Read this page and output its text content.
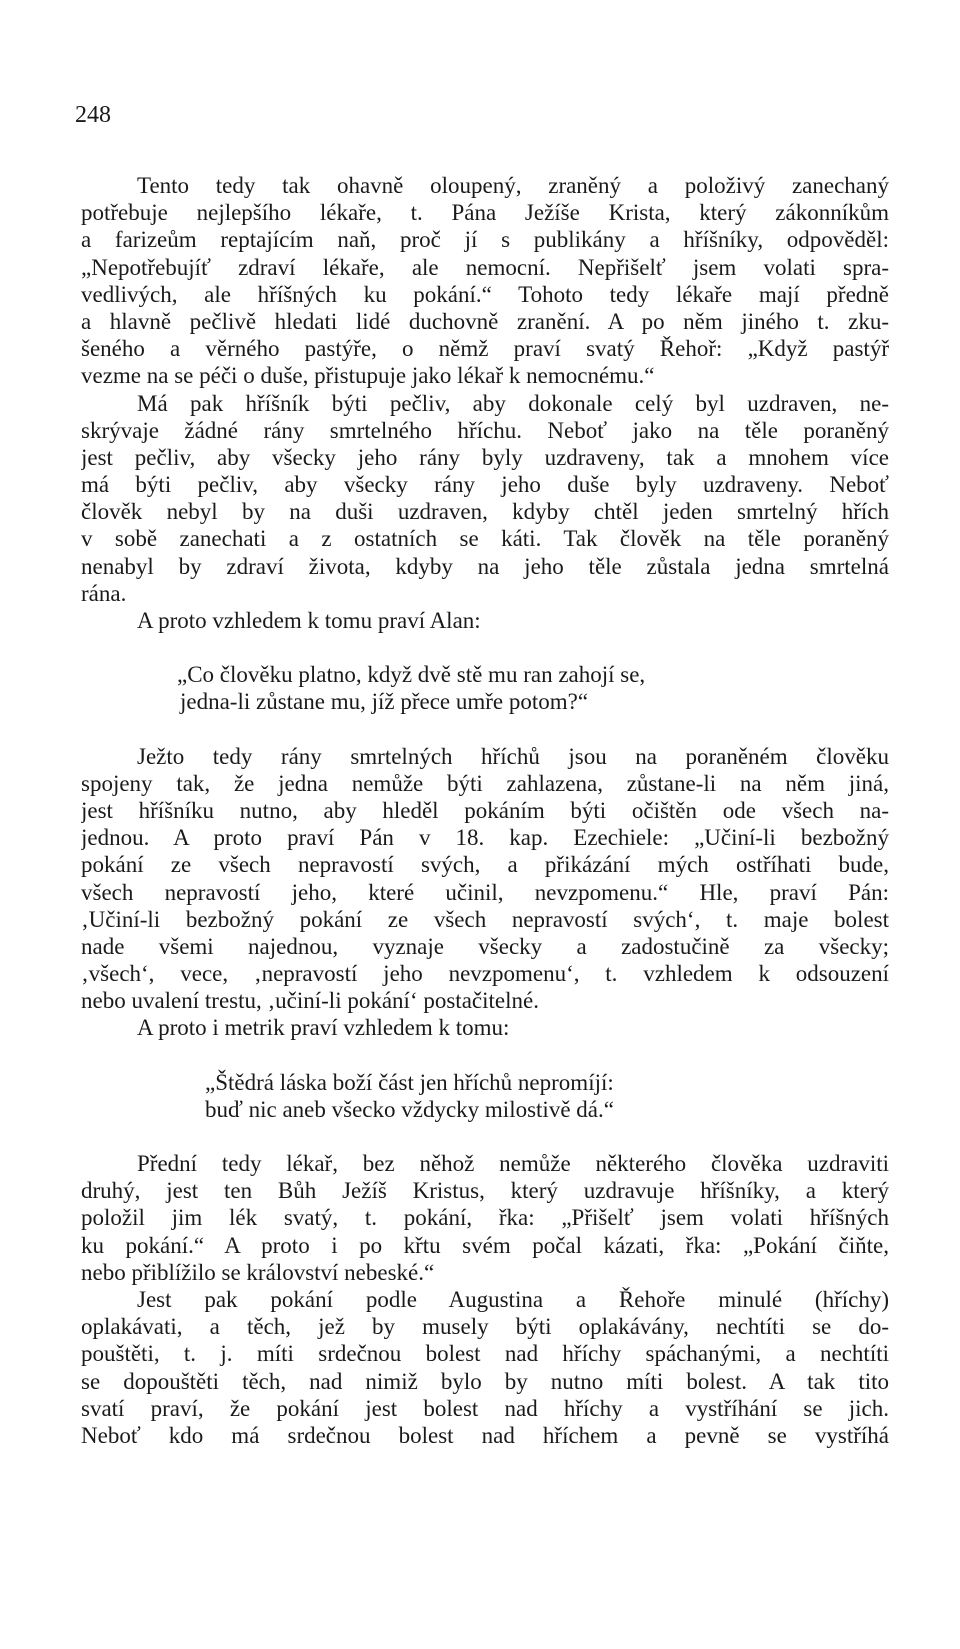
248
Tento tedy tak ohavně oloupený, zraněný a položivý zanechaný
potřebuje nejlepšího lékaře, t. Pána Ježíše Krista, který zákonníkům
a farizeům reptajícím naň, proč jí s publikány a hříšníky, odpověděl:
„Nepotřebujíť zdraví lékaře, ale nemocní. Nepřišelť jsem volati spra-
vedlivých, ale hříšných ku pokání.“ Tohoto tedy lékaře mají předně
a hlavně pečlivě hledati lidé duchovně zranění. A po něm jiného t. zku-
šeného a věrného pastýře, o němž praví svatý Řehoř: „Když pastýř
vezme na se péči o duše, přistupuje jako lékař k nemocnému.“
Má pak hříšník býti pečliv, aby dokonale celý byl uzdraven, ne-
skrývaje žádné rány smrtelného hříchu. Neboť jako na těle poraněný
jest pečliv, aby všecky jeho rány byly uzdraveny, tak a mnohem více
má býti pečliv, aby všecky rány jeho duše byly uzdraveny. Neboť
člověk nebyl by na duši uzdraven, kdyby chtěl jeden smrtelný hřích
v sobě zanechati a z ostatních se káti. Tak člověk na těle poraněný
nenabyl by zdraví života, kdyby na jeho těle zůstala jedna smrtelná
rána.
A proto vzhledem k tomu praví Alan:
„Co člověku platno, když dvě stě mu ran zahojí se,
jedna-li zůstane mu, jíž přece umře potom?“
Ježto tedy rány smrtelných hříchů jsou na poraněném člověku
spojeny tak, že jedna nemůže býti zahlazena, zůstane-li na něm jiná,
jest hříšníku nutno, aby hleděl pokáním býti očištěn ode všech na-
jednou. A proto praví Pán v 18. kap. Ezechiele: „Učiní-li bezbožný
pokání ze všech nepravostí svých, a přikázání mých ostříhati bude,
všech nepravostí jeho, které učinil, nevzpomenu.“ Hle, praví Pán:
‚Učiní-li bezbožný pokání ze všech nepravostí svých‘, t. maje bolest
nade všemi najednou, vyznaje všecky a zadostučině za všecky;
‚všech‘, vece, ‚nepravostí jeho nevzpomenu‘, t. vzhledem k odsouzení
nebo uvalení trestu, ‚učiní-li pokání‘ postačitelné.
A proto i metrik praví vzhledem k tomu:
„Štědrá láska boží část jen hříchů nepromíjí:
buď nic aneb všecko vždycky milostivě dá.“
Přední tedy lékař, bez něhož nemůže některého člověka uzdraviti
druhý, jest ten Bůh Ježíš Kristus, který uzdravuje hříšníky, a který
položil jim lék svatý, t. pokání, řka: „Přišelť jsem volati hříšných
ku pokání.“ A proto i po křtu svém počal kázati, řka: „Pokání čiňte,
nebo přiblížilo se království nebeské.“
Jest pak pokání podle Augustina a Řehoře minulé (hříchy)
oplakávati, a těch, jež by musely býti oplakávány, nechtíti se do-
pouštěti, t. j. míti srdečnou bolest nad hříchy spáchanými, a nechtíti
se dopouštěti těch, nad nimiž bylo by nutno míti bolest. A tak tito
svatí praví, že pokání jest bolest nad hříchy a vystříhání se jich.
Neboť kdo má srdečnou bolest nad hříchem a pevně se vystříhá
